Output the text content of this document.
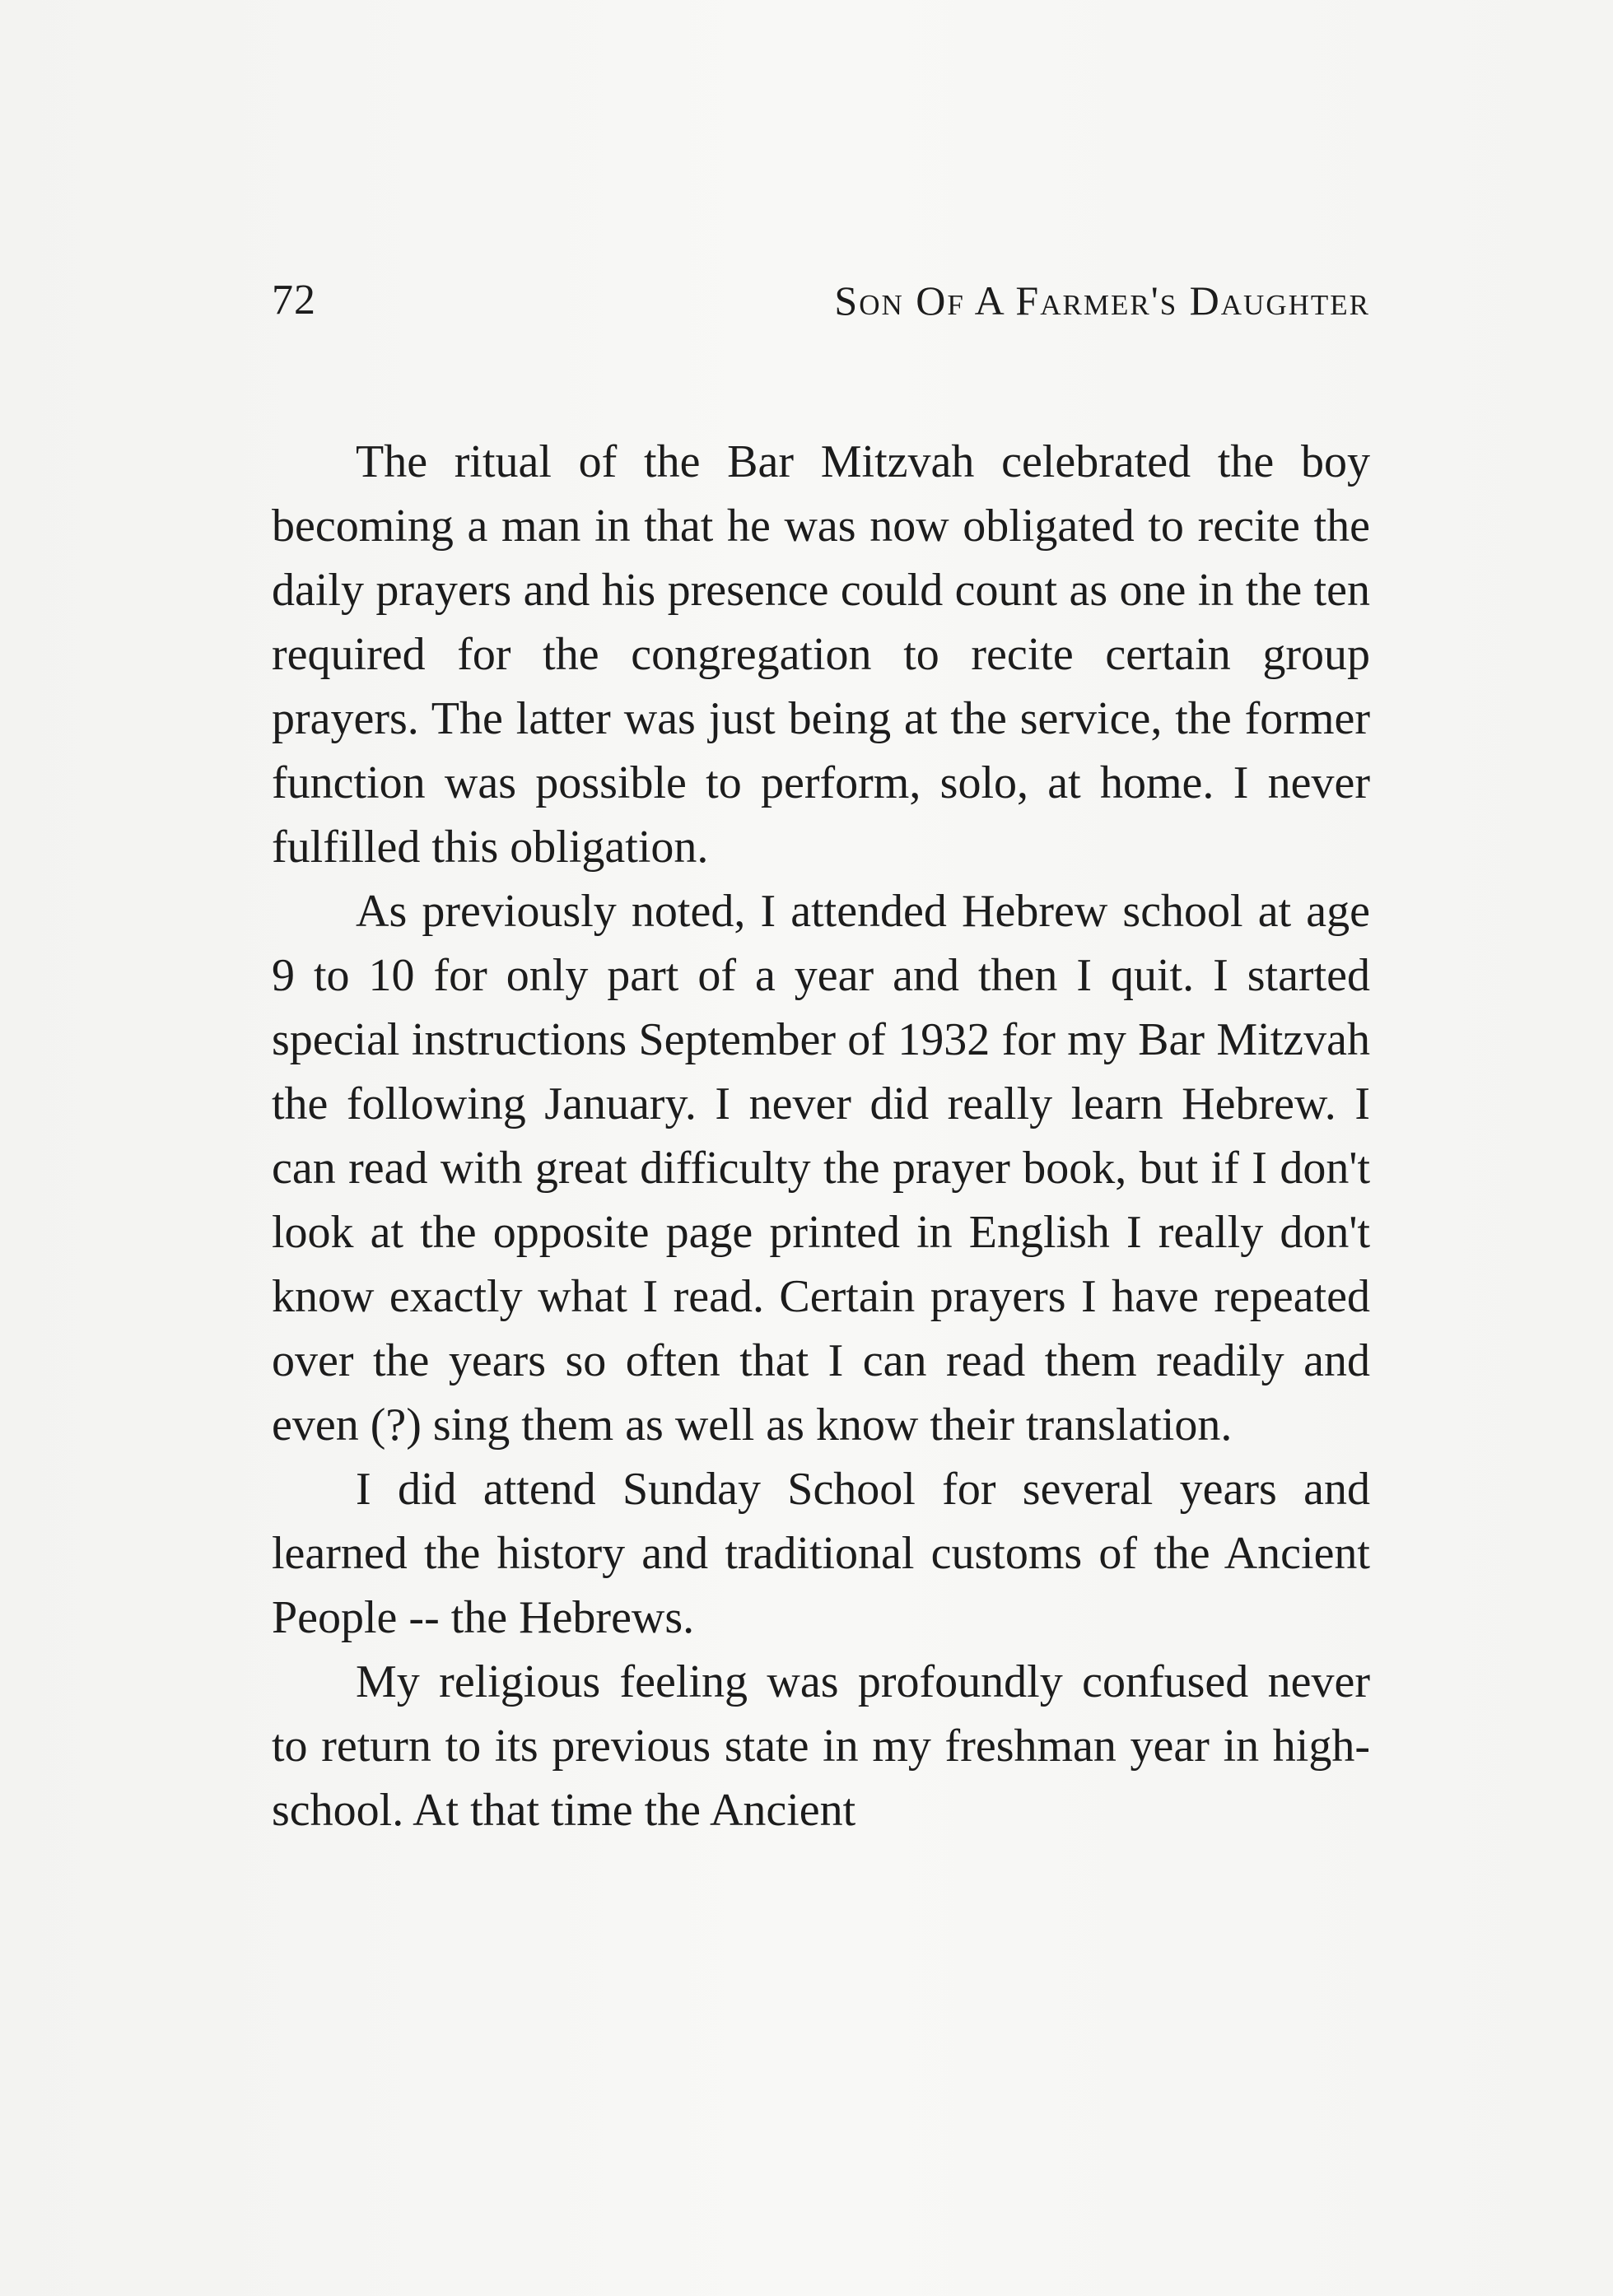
72	Son Of A Farmer's Daughter

The ritual of the Bar Mitzvah celebrated the boy becoming a man in that he was now obligated to recite the daily prayers and his presence could count as one in the ten required for the congregation to recite certain group prayers. The latter was just being at the service, the former function was possible to perform, solo, at home. I never fulfilled this obligation.

As previously noted, I attended Hebrew school at age 9 to 10 for only part of a year and then I quit. I started special instructions September of 1932 for my Bar Mitzvah the following January. I never did really learn Hebrew. I can read with great difficulty the prayer book, but if I don't look at the opposite page printed in English I really don't know exactly what I read. Certain prayers I have repeated over the years so often that I can read them readily and even (?) sing them as well as know their translation.

I did attend Sunday School for several years and learned the history and traditional customs of the Ancient People -- the Hebrews.

My religious feeling was profoundly confused never to return to its previous state in my freshman year in high-school. At that time the Ancient
